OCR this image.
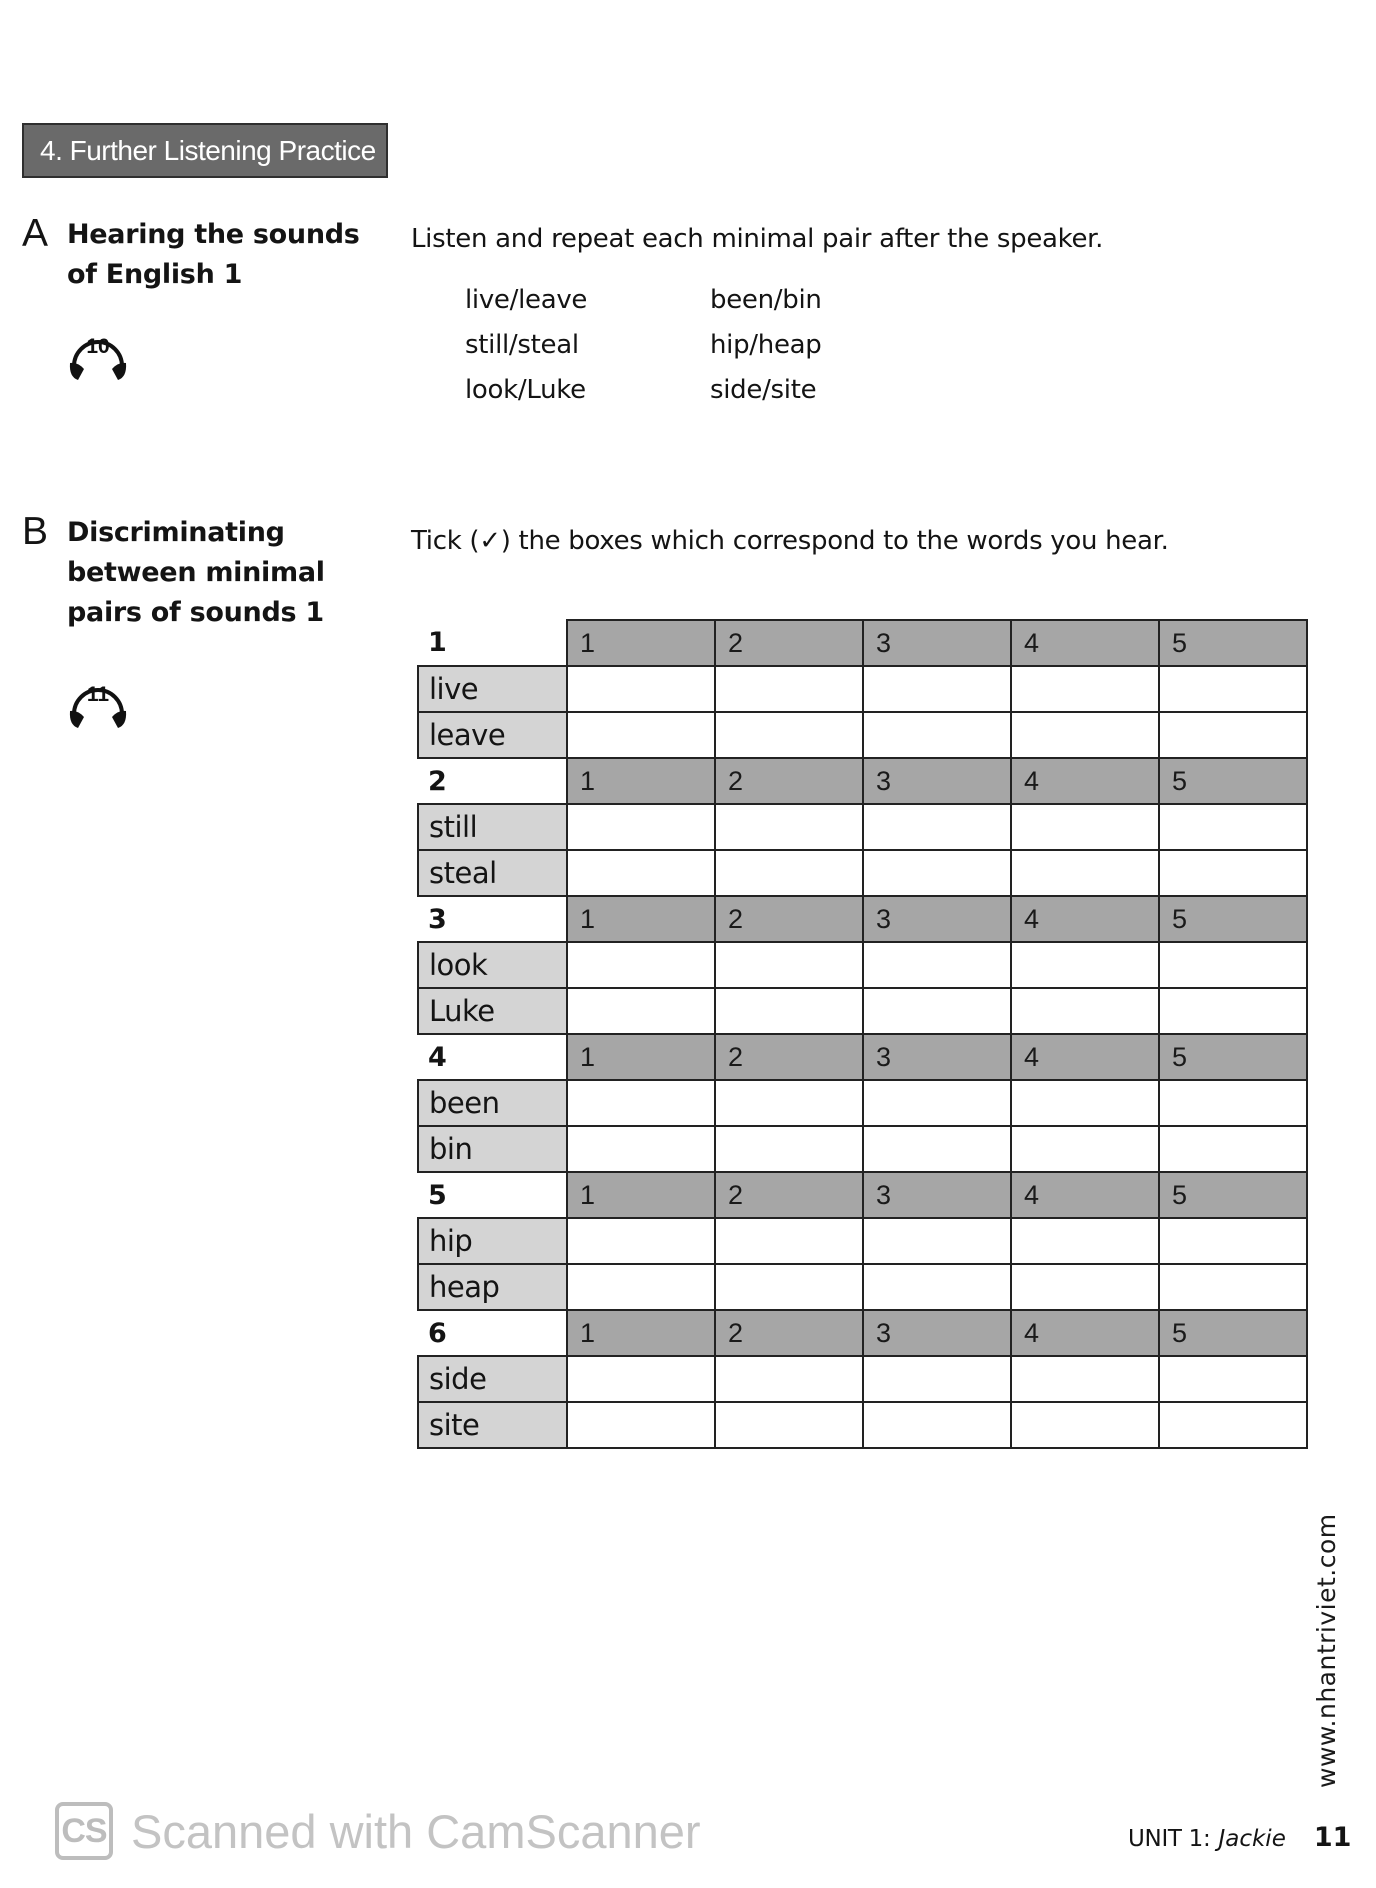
4. Further Listening Practice
A Hearing the sounds
of English 1
10
Listen and repeat each minimal pair after the speaker.
live/leave
still/steal
look/Luke
been/bin
hip/heap
side/site
B Discriminating
between minimal
pairs of sounds 1
11
Tick (✓) the boxes which correspond to the words you hear.
1	1	2	3	4	5
live					
leave					
2	1	2	3	4	5
still					
steal					
3	1	2	3	4	5
look					
Luke					
4	1	2	3	4	5
been					
bin					
5	1	2	3	4	5
hip					
heap					
6	1	2	3	4	5
side					
site					
www.nhantriviet.com
CS Scanned with CamScanner	UNIT 1: Jackie 11
